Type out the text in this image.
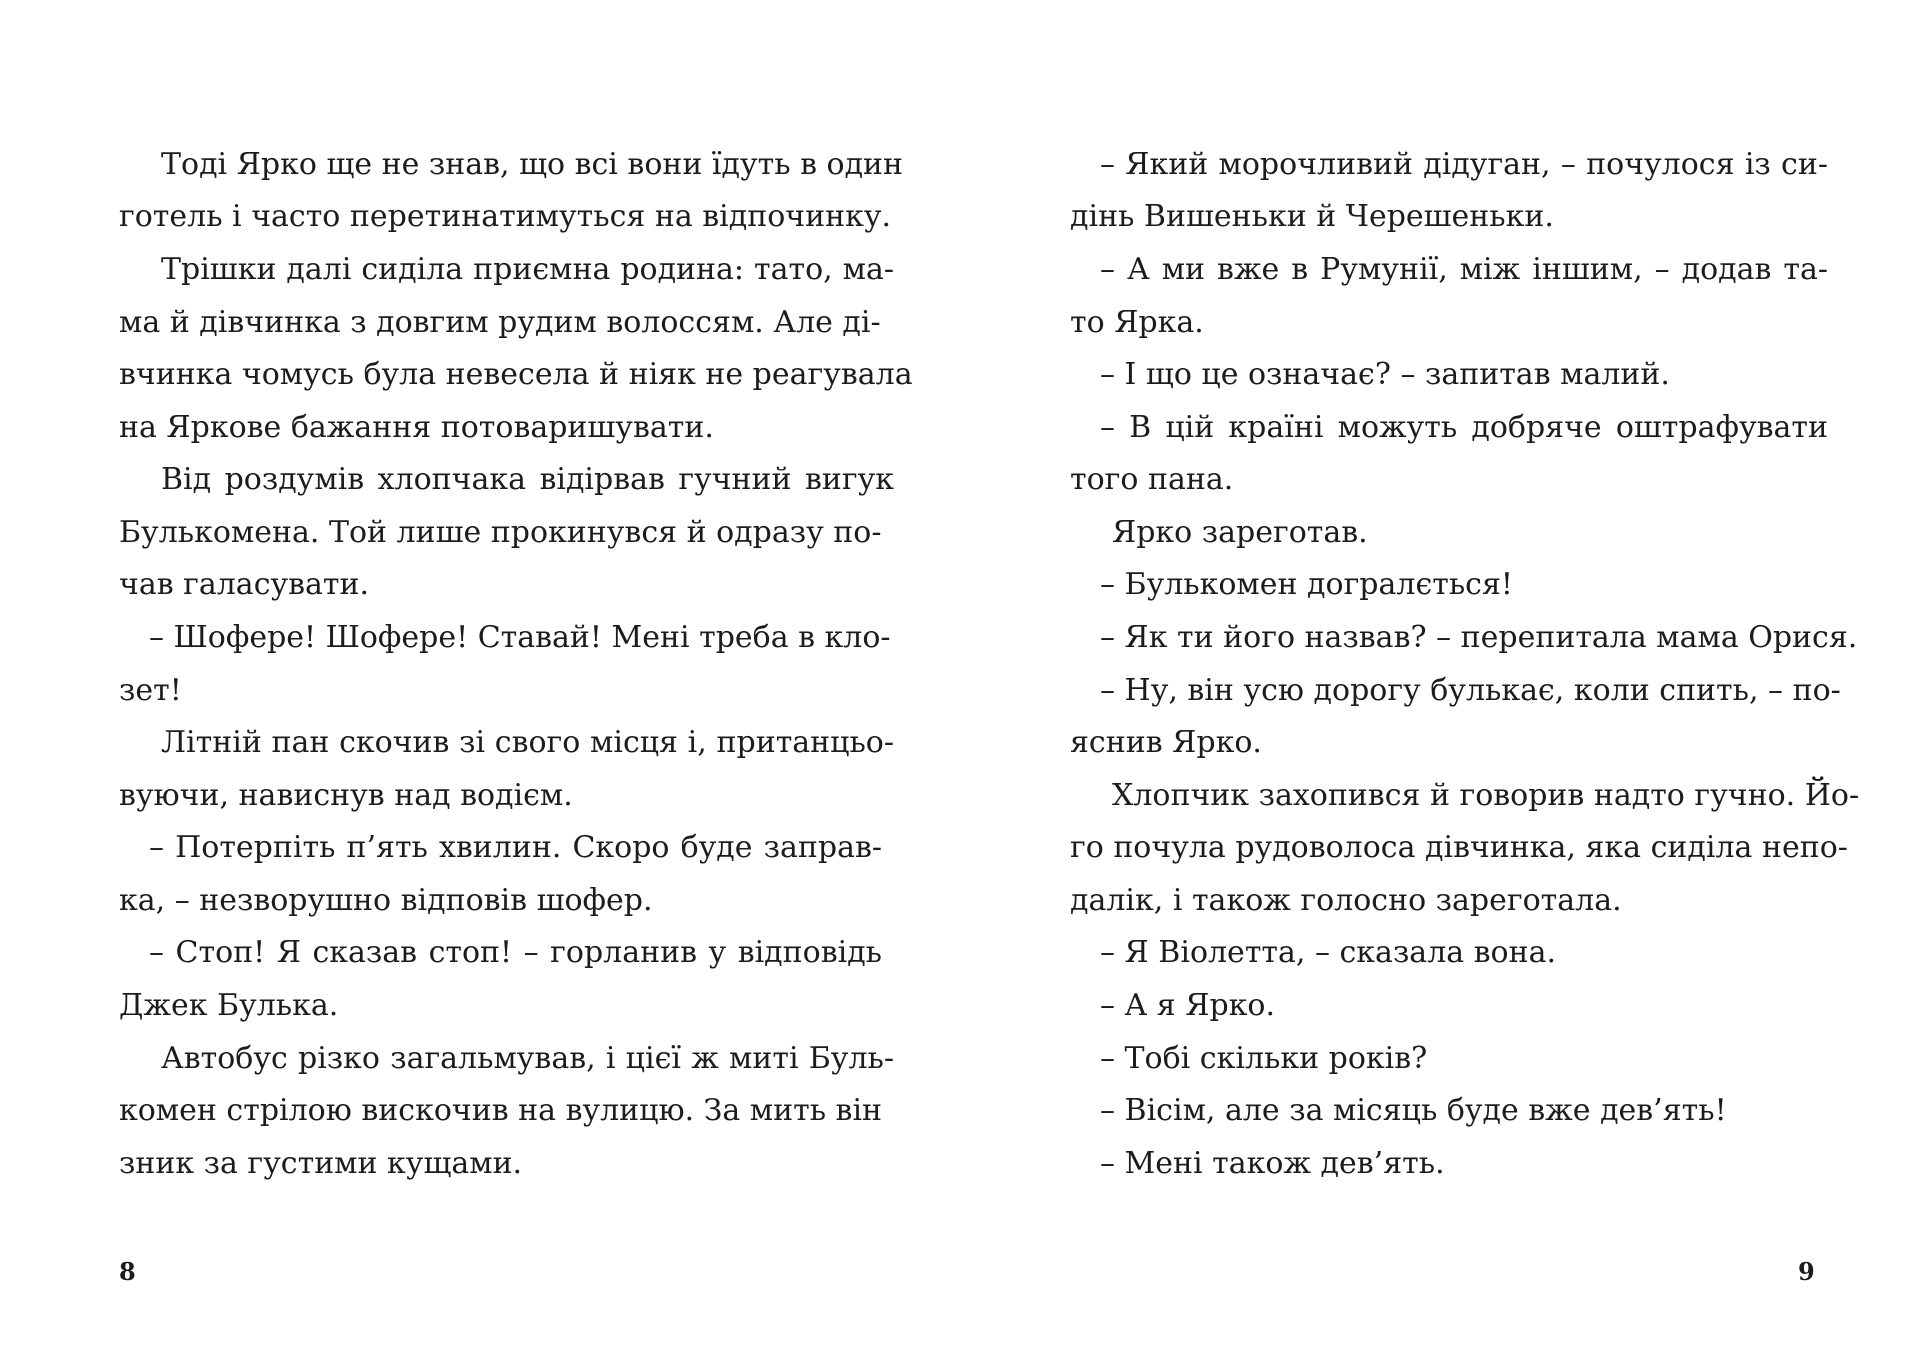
Тоді Ярко ще не знав, що всі вони їдуть в один

готель і часто перетинатимуться на відпочинку.

Трішки далі сиділа приємна родина: тато, ма-

ма й дівчинка з довгим рудим волоссям. Але ді-

вчинка чомусь була невесела й ніяк не реагувала

на Яркове бажання потоваришувати.

Від роздумів хлопчака відірвав гучний вигук

Булькомена. Той лише прокинувся й одразу по-

чав галасувати.

– Шофере! Шофере! Ставай! Мені треба в кло-

зет!

Літній пан скочив зі свого місця і, пританцьо-

вуючи, нависнув над водієм.

– Потерпіть п’ять хвилин. Скоро буде заправ-

ка, – незворушно відповів шофер.

– Стоп! Я сказав стоп! – горланив у відповідь

Джек Булька.

Автобус різко загальмував, і цієї ж миті Буль-

комен стрілою вискочив на вулицю. За мить він

зник за густими кущами.

8

– Який морочливий дідуган, – почулося із си-

дінь Вишеньки й Черешеньки.

– А ми вже в Румунії, між іншим, – додав та-

то Ярка.

– І що це означає? – запитав малий.

– В цій країні можуть добряче оштрафувати

того пана.

Ярко зареготав.

– Булькомен догралється!

– Як ти його назвав? – перепитала мама Орися.

– Ну, він усю дорогу булькає, коли спить, – по-

яснив Ярко.

Хлопчик захопився й говорив надто гучно. Йо-

го почула рудоволоса дівчинка, яка сиділа непо-

далік, і також голосно зареготала.

– Я Віолетта, – сказала вона.

– А я Ярко.

– Тобі скільки років?

– Вісім, але за місяць буде вже дев’ять!

– Мені також дев’ять.

9
